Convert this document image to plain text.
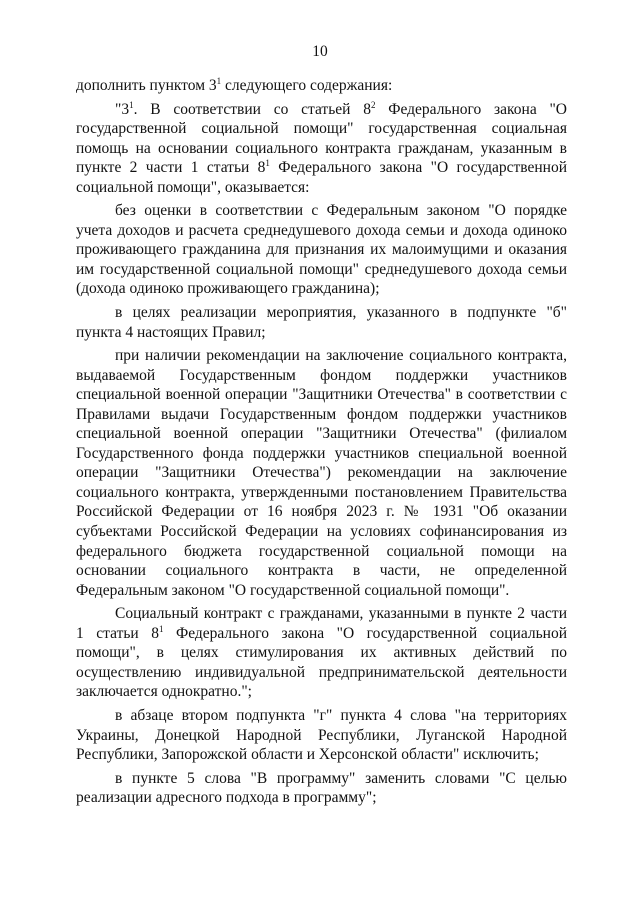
10

дополнить пунктом $3^1$ следующего содержания:

"$3^1$. В соответствии со статьей $8^2$ Федерального закона "О государственной социальной помощи" государственная социальная помощь на основании социального контракта гражданам, указанным в пункте 2 части 1 статьи $8^1$ Федерального закона "О государственной социальной помощи", оказывается:

без оценки в соответствии с Федеральным законом "О порядке учета доходов и расчета среднедушевого дохода семьи и дохода одиноко проживающего гражданина для признания их малоимущими и оказания им государственной социальной помощи" среднедушевого дохода семьи (дохода одиноко проживающего гражданина);

в целях реализации мероприятия, указанного в подпункте "б" пункта 4 настоящих Правил;

при наличии рекомендации на заключение социального контракта, выдаваемой Государственным фондом поддержки участников специальной военной операции "Защитники Отечества" в соответствии с Правилами выдачи Государственным фондом поддержки участников специальной военной операции "Защитники Отечества" (филиалом Государственного фонда поддержки участников специальной военной операции "Защитники Отечества") рекомендации на заключение социального контракта, утвержденными постановлением Правительства Российской Федерации от 16 ноября 2023 г. № 1931 "Об оказании субъектами Российской Федерации на условиях софинансирования из федерального бюджета государственной социальной помощи на основании социального контракта в части, не определенной Федеральным законом "О государственной социальной помощи".

Социальный контракт с гражданами, указанными в пункте 2 части 1 статьи $8^1$ Федерального закона "О государственной социальной помощи", в целях стимулирования их активных действий по осуществлению индивидуальной предпринимательской деятельности заключается однократно.";

в абзаце втором подпункта "г" пункта 4 слова "на территориях Украины, Донецкой Народной Республики, Луганской Народной Республики, Запорожской области и Херсонской области" исключить;

в пункте 5 слова "В программу" заменить словами "С целью реализации адресного подхода в программу";
